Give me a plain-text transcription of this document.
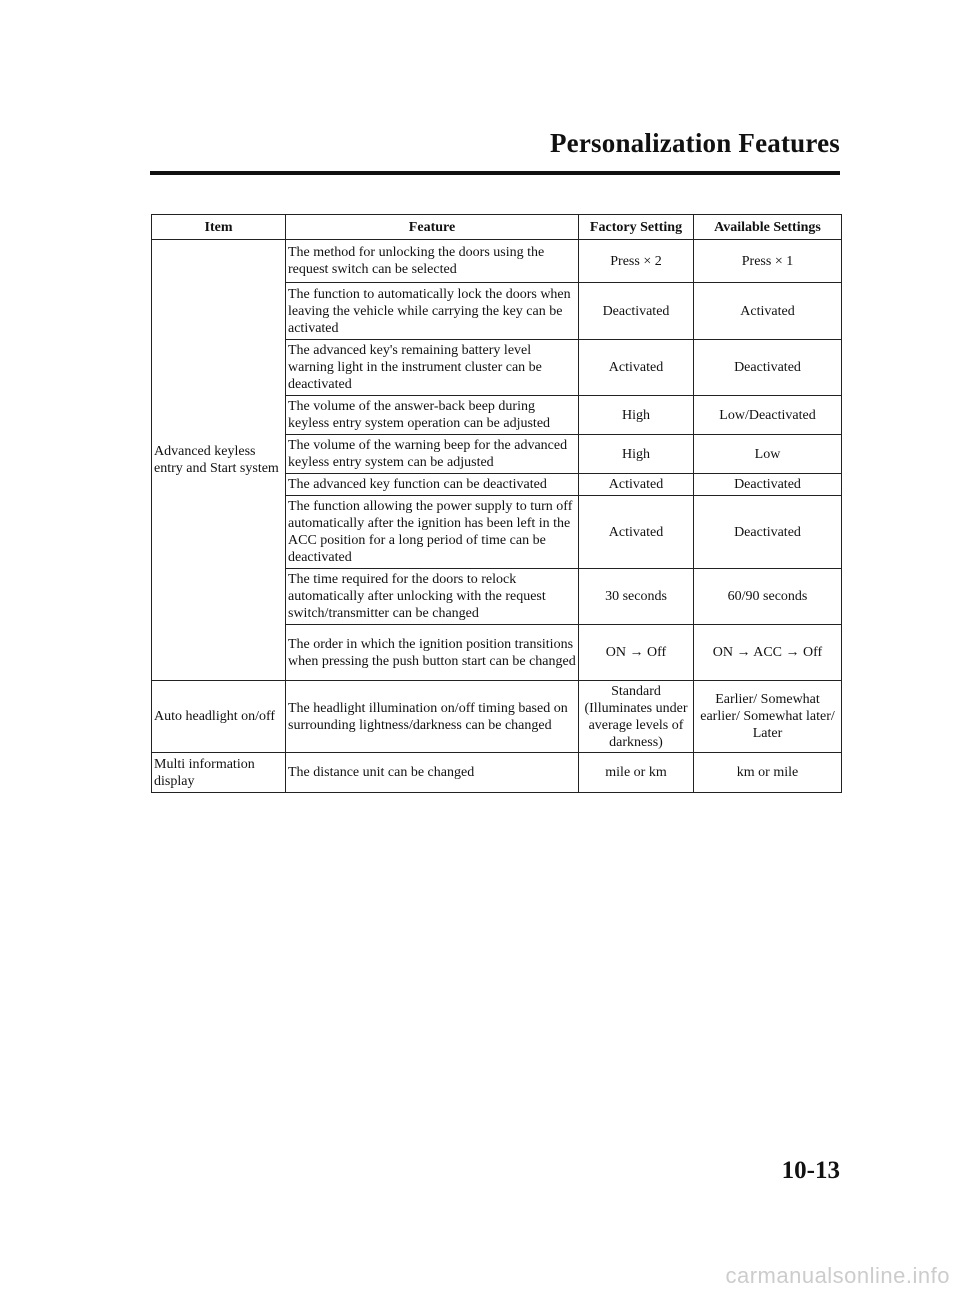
Personalization Features
Item	Feature	Factory Setting	Available Settings
Advanced keyless entry and Start system	The method for unlocking the doors using the request switch can be selected	Press × 2	Press × 1
	The function to automatically lock the doors when leaving the vehicle while carrying the key can be activated	Deactivated	Activated
	The advanced key's remaining battery level warning light in the instrument cluster can be deactivated	Activated	Deactivated
	The volume of the answer-back beep during keyless entry system operation can be adjusted	High	Low/Deactivated
	The volume of the warning beep for the advanced keyless entry system can be adjusted	High	Low
	The advanced key function can be deactivated	Activated	Deactivated
	The function allowing the power supply to turn off automatically after the ignition has been left in the ACC position for a long period of time can be deactivated	Activated	Deactivated
	The time required for the doors to relock automatically after unlocking with the request switch/transmitter can be changed	30 seconds	60/90 seconds
	The order in which the ignition position transitions when pressing the push button start can be changed	ON → Off	ON → ACC → Off
Auto headlight on/off	The headlight illumination on/off timing based on surrounding lightness/darkness can be changed	Standard (Illuminates under average levels of darkness)	Earlier/ Somewhat earlier/ Somewhat later/ Later
Multi information display	The distance unit can be changed	mile or km	km or mile
10-13
carmanualsonline.info
